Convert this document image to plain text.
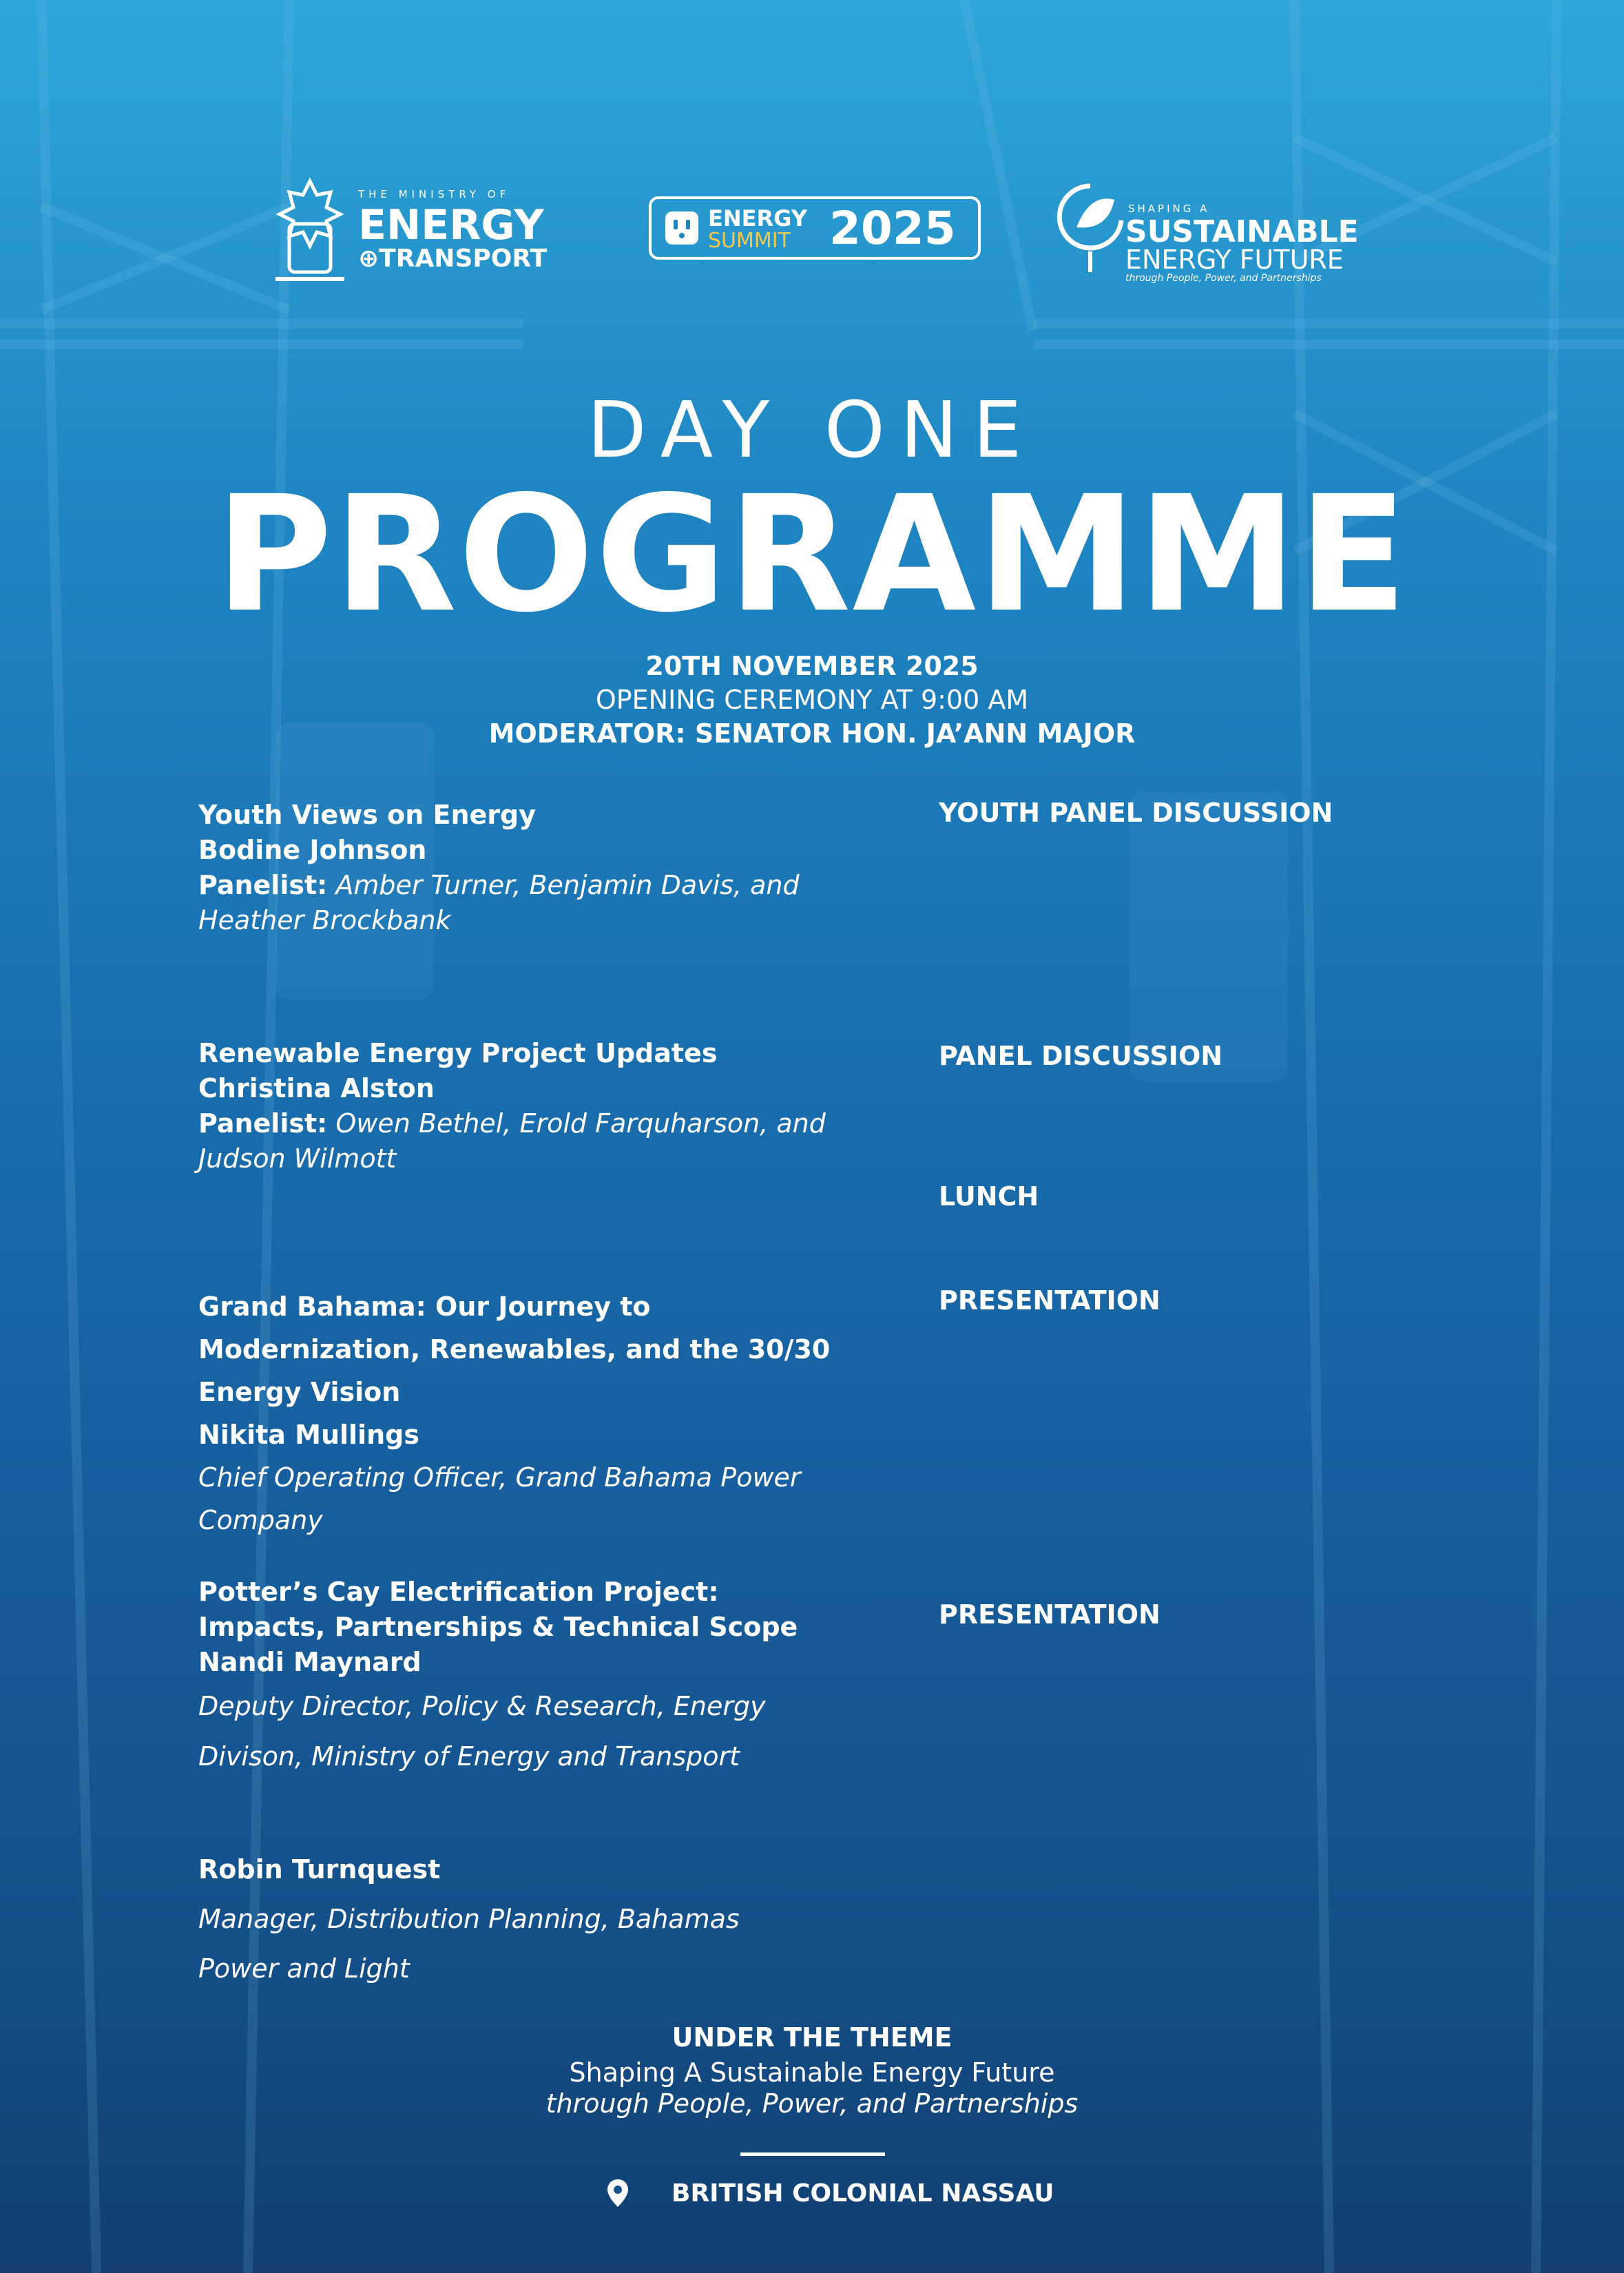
THE MINISTRY OF
ENERGY
⊕TRANSPORT
ENERGY
SUMMIT 2025	SHAPING A
SUSTAINABLE
ENERGY FUTURE
through People, Power, and Partnerships
DAY ONE
PROGRAMME
20TH NOVEMBER 2025
OPENING CEREMONY AT 9:00 AM
MODERATOR: SENATOR HON. JA’ANN MAJOR
Youth Views on Energy
Bodine Johnson
Panelist: Amber Turner, Benjamin Davis, and
Heather Brockbank
YOUTH PANEL DISCUSSION
Renewable Energy Project Updates
Christina Alston
Panelist: Owen Bethel, Erold Farquharson, and
Judson Wilmott
PANEL DISCUSSION
LUNCH
Grand Bahama: Our Journey to
Modernization, Renewables, and the 30/30
Energy Vision
Nikita Mullings
Chief Operating Officer, Grand Bahama Power
Company
PRESENTATION
Potter’s Cay Electrification Project:
Impacts, Partnerships & Technical Scope
Nandi Maynard
Deputy Director, Policy & Research, Energy
Divison, Ministry of Energy and Transport
PRESENTATION
Robin Turnquest
Manager, Distribution Planning, Bahamas
Power and Light
UNDER THE THEME
Shaping A Sustainable Energy Future
through People, Power, and Partnerships
BRITISH COLONIAL NASSAU
